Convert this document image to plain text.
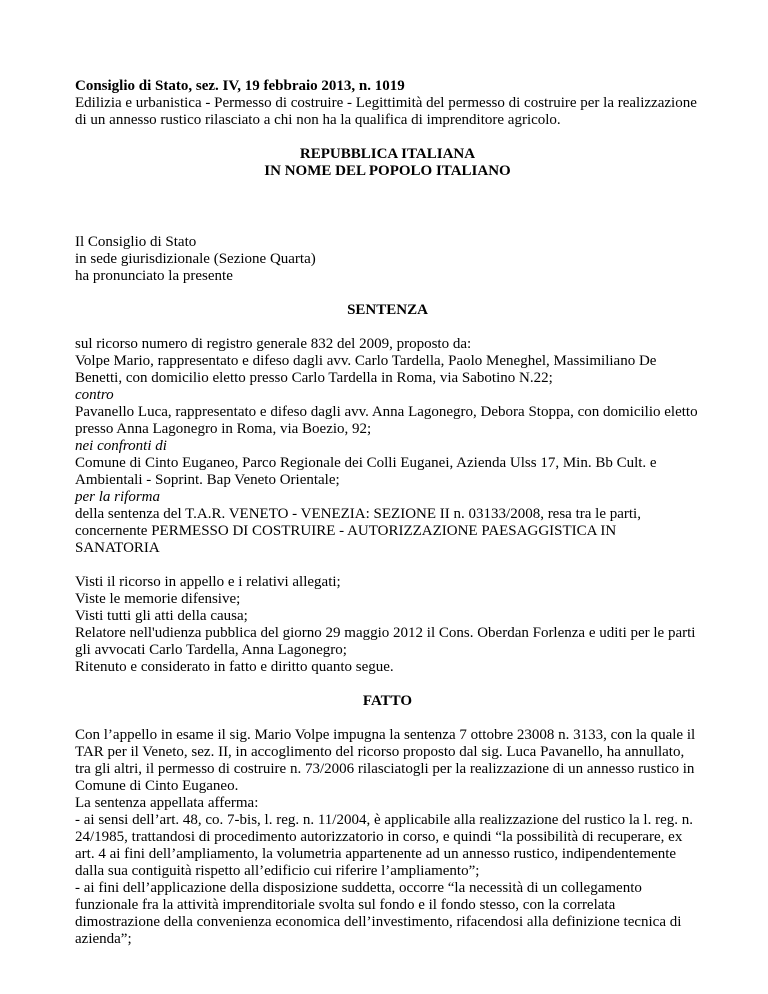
Consiglio di Stato, sez. IV, 19 febbraio 2013, n. 1019

Edilizia e urbanistica - Permesso di costruire - Legittimità del permesso di costruire per la realizzazione di un annesso rustico rilasciato a chi non ha la qualifica di imprenditore agricolo.

REPUBBLICA ITALIANA

IN NOME DEL POPOLO ITALIANO

Il Consiglio di Stato

in sede giurisdizionale (Sezione Quarta)

ha pronunciato la presente

SENTENZA

sul ricorso numero di registro generale 832 del 2009, proposto da:

Volpe Mario, rappresentato e difeso dagli avv. Carlo Tardella, Paolo Meneghel, Massimiliano De Benetti, con domicilio eletto presso Carlo Tardella in Roma, via Sabotino N.22;

contro

Pavanello Luca, rappresentato e difeso dagli avv. Anna Lagonegro, Debora Stoppa, con domicilio eletto presso Anna Lagonegro in Roma, via Boezio, 92;

nei confronti di

Comune di Cinto Euganeo, Parco Regionale dei Colli Euganei, Azienda Ulss 17, Min. Bb Cult. e Ambientali - Soprint. Bap Veneto Orientale;

per la riforma

della sentenza del T.A.R. VENETO - VENEZIA: SEZIONE II n. 03133/2008, resa tra le parti, concernente PERMESSO DI COSTRUIRE - AUTORIZZAZIONE PAESAGGISTICA IN SANATORIA

Visti il ricorso in appello e i relativi allegati;

Viste le memorie difensive;

Visti tutti gli atti della causa;

Relatore nell'udienza pubblica del giorno 29 maggio 2012 il Cons. Oberdan Forlenza e uditi per le parti gli avvocati Carlo Tardella, Anna Lagonegro;

Ritenuto e considerato in fatto e diritto quanto segue.

FATTO

Con l’appello in esame il sig. Mario Volpe impugna la sentenza 7 ottobre 23008 n. 3133, con la quale il TAR per il Veneto, sez. II, in accoglimento del ricorso proposto dal sig. Luca Pavanello, ha annullato, tra gli altri, il permesso di costruire n. 73/2006 rilasciatogli per la realizzazione di un annesso rustico in Comune di Cinto Euganeo.

La sentenza appellata afferma:

- ai sensi dell’art. 48, co. 7-bis, l. reg. n. 11/2004, è applicabile alla realizzazione del rustico la l. reg. n. 24/1985, trattandosi di procedimento autorizzatorio in corso, e quindi “la possibilità di recuperare, ex art. 4 ai fini dell’ampliamento, la volumetria appartenente ad un annesso rustico, indipendentemente dalla sua contiguità rispetto all’edificio cui riferire l’ampliamento”;

- ai fini dell’applicazione della disposizione suddetta, occorre “la necessità di un collegamento funzionale fra la attività imprenditoriale svolta sul fondo e il fondo stesso, con la correlata dimostrazione della convenienza economica dell’investimento, rifacendosi alla definizione tecnica di azienda”;
